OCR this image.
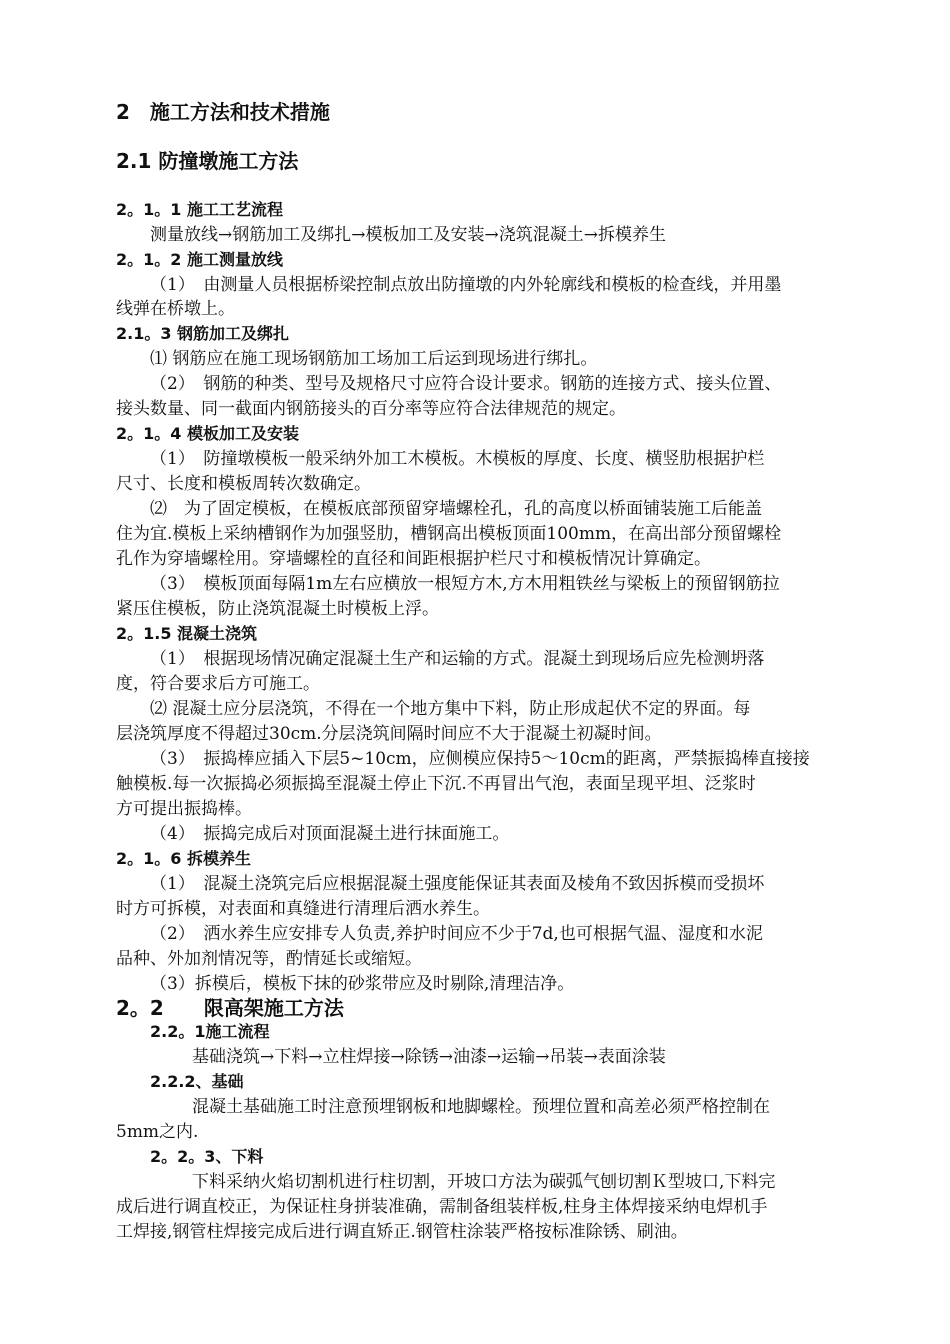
2　施工方法和技术措施
2.1 防撞墩施工方法
2。1。1 施工工艺流程
测量放线→钢筋加工及绑扎→模板加工及安装→浇筑混凝土→拆模养生
2。1。2 施工测量放线
（1）　由测量人员根据桥梁控制点放出防撞墩的内外轮廓线和模板的检查线，并用墨
线弹在桥墩上。
2.1。3 钢筋加工及绑扎
⑴ 钢筋应在施工现场钢筋加工场加工后运到现场进行绑扎。
（2）　钢筋的种类、型号及规格尺寸应符合设计要求。钢筋的连接方式、接头位置、
接头数量、同一截面内钢筋接头的百分率等应符合法律规范的规定。
2。1。4 模板加工及安装
（1）　防撞墩模板一般采纳外加工木模板。木模板的厚度、长度、横竖肋根据护栏
尺寸、长度和模板周转次数确定。
⑵　为了固定模板，在模板底部预留穿墙螺栓孔，孔的高度以桥面铺装施工后能盖
住为宜.模板上采纳槽钢作为加强竖肋，槽钢高出模板顶面100mm，在高出部分预留螺栓
孔作为穿墙螺栓用。穿墙螺栓的直径和间距根据护栏尺寸和模板情况计算确定。
（3）　模板顶面每隔1m左右应横放一根短方木,方木用粗铁丝与梁板上的预留钢筋拉
紧压住模板，防止浇筑混凝土时模板上浮。
2。1.5 混凝土浇筑
（1）　根据现场情况确定混凝土生产和运输的方式。混凝土到现场后应先检测坍落
度，符合要求后方可施工。
⑵ 混凝土应分层浇筑，不得在一个地方集中下料，防止形成起伏不定的界面。每
层浇筑厚度不得超过30cm.分层浇筑间隔时间应不大于混凝土初凝时间。
（3）　振捣棒应插入下层5~10cm，应侧模应保持5～10cm的距离，严禁振捣棒直接接
触模板.每一次振捣必须振捣至混凝土停止下沉.不再冒出气泡，表面呈现平坦、泛浆时
方可提出振捣棒。
（4）　振捣完成后对顶面混凝土进行抹面施工。
2。1。6 拆模养生
（1）　混凝土浇筑完后应根据混凝土强度能保证其表面及棱角不致因拆模而受损坏
时方可拆模，对表面和真缝进行清理后洒水养生。
（2）　洒水养生应安排专人负责,养护时间应不少于7d,也可根据气温、湿度和水泥
品种、外加剂情况等，酌情延长或缩短。
（3）拆模后，模板下抹的砂浆带应及时剔除,清理洁净。
2。2　　限高架施工方法
2.2。1施工流程
基础浇筑→下料→立柱焊接→除锈→油漆→运输→吊装→表面涂装
2.2.2、基础
混凝土基础施工时注意预埋钢板和地脚螺栓。预埋位置和高差必须严格控制在
5mm之内.
2。2。3、下料
下料采纳火焰切割机进行柱切割，开坡口方法为碳弧气刨切割Ｋ型坡口,下料完
成后进行调直校正，为保证柱身拼装准确，需制备组装样板,柱身主体焊接采纳电焊机手
工焊接,钢管柱焊接完成后进行调直矫正.钢管柱涂装严格按标准除锈、刷油。
